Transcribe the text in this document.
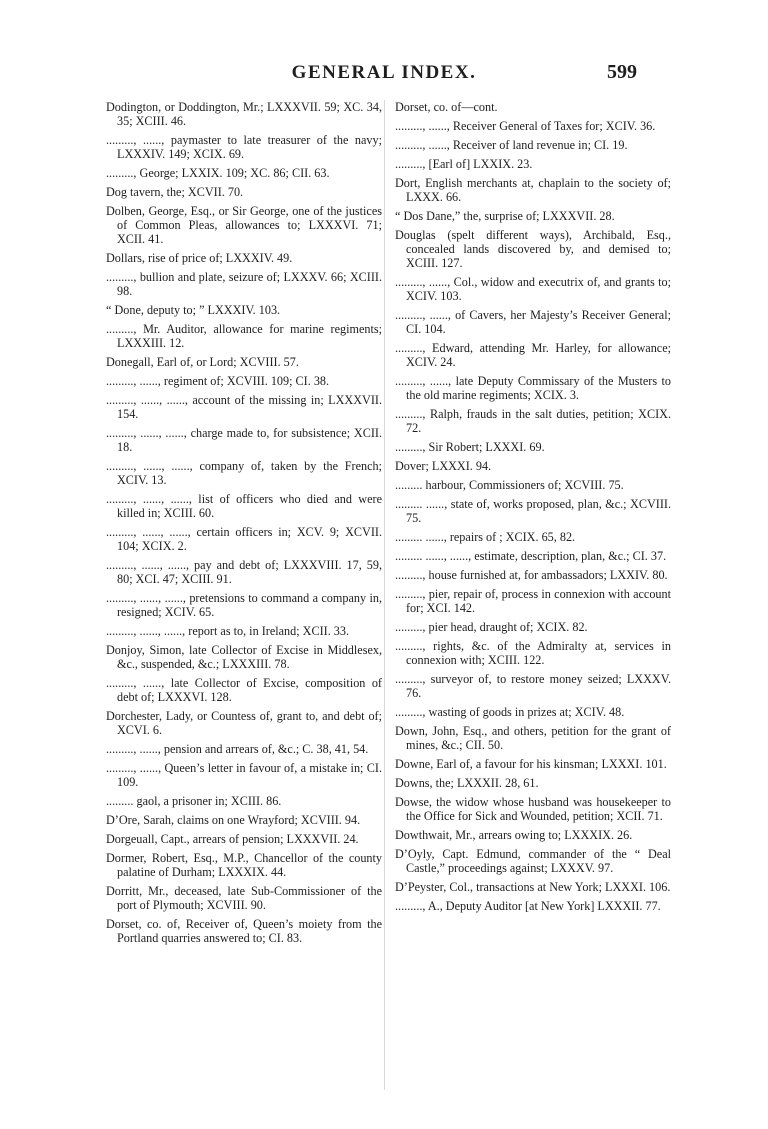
GENERAL INDEX.	599
Dodington, or Doddington, Mr.; LXXXVII. 59; XC. 34, 35; XCIII. 46.
........., ......, paymaster to late treasurer of the navy; LXXXIV. 149; XCIX. 69.
........., George; LXXIX. 109; XC. 86; CII. 63.
Dog tavern, the; XCVII. 70.
Dolben, George, Esq., or Sir George, one of the justices of Common Pleas, allowances to; LXXXVI. 71; XCII. 41.
Dollars, rise of price of; LXXXIV. 49.
........., bullion and plate, seizure of; LXXXV. 66; XCIII. 98.
“ Done, deputy to; ” LXXXIV. 103.
........., Mr. Auditor, allowance for marine regiments; LXXXIII. 12.
Donegall, Earl of, or Lord; XCVIII. 57.
........., ......, regiment of; XCVIII. 109; CI. 38.
........., ......, ......, account of the missing in; LXXXVII. 154.
........., ......, ......, charge made to, for subsistence; XCII. 18.
........., ......, ......, company of, taken by the French; XCIV. 13.
........., ......, ......, list of officers who died and were killed in; XCIII. 60.
........., ......, ......, certain officers in; XCV. 9; XCVII. 104; XCIX. 2.
........., ......, ......, pay and debt of; LXXXVIII. 17, 59, 80; XCI. 47; XCIII. 91.
........., ......, ......, pretensions to command a company in, resigned; XCIV. 65.
........., ......, ......, report as to, in Ireland; XCII. 33.
Donjoy, Simon, late Collector of Excise in Middlesex, &c., suspended, &c.; LXXXIII. 78.
........., ......, late Collector of Excise, composition of debt of; LXXXVI. 128.
Dorchester, Lady, or Countess of, grant to, and debt of; XCVI. 6.
........., ......, pension and arrears of, &c.; C. 38, 41, 54.
........., ......, Queen’s letter in favour of, a mistake in; CI. 109.
......... gaol, a prisoner in; XCIII. 86.
D’Ore, Sarah, claims on one Wrayford; XCVIII. 94.
Dorgeuall, Capt., arrears of pension; LXXXVII. 24.
Dormer, Robert, Esq., M.P., Chancellor of the county palatine of Durham; LXXXIX. 44.
Dorritt, Mr., deceased, late Sub-Commissioner of the port of Plymouth; XCVIII. 90.
Dorset, co. of, Receiver of, Queen’s moiety from the Portland quarries answered to; CI. 83.
Dorset, co. of—cont.
........., ......, Receiver General of Taxes for; XCIV. 36.
........., ......, Receiver of land revenue in; CI. 19.
........., [Earl of] LXXIX. 23.
Dort, English merchants at, chaplain to the society of; LXXX. 66.
“ Dos Dane,” the, surprise of; LXXXVII. 28.
Douglas (spelt different ways), Archibald, Esq., concealed lands discovered by, and demised to; XCIII. 127.
........., ......, Col., widow and executrix of, and grants to; XCIV. 103.
........., ......, of Cavers, her Majesty’s Receiver General; CI. 104.
........., Edward, attending Mr. Harley, for allowance; XCIV. 24.
........., ......, late Deputy Commissary of the Musters to the old marine regiments; XCIX. 3.
........., Ralph, frauds in the salt duties, petition; XCIX. 72.
........., Sir Robert; LXXXI. 69.
Dover; LXXXI. 94.
......... harbour, Commissioners of; XCVIII. 75.
......... ......, state of, works proposed, plan, &c.; XCVIII. 75.
......... ......, repairs of ; XCIX. 65, 82.
......... ......, ......, estimate, description, plan, &c.; CI. 37.
........., house furnished at, for ambassadors; LXXIV. 80.
........., pier, repair of, process in connexion with account for; XCI. 142.
........., pier head, draught of; XCIX. 82.
........., rights, &c. of the Admiralty at, services in connexion with; XCIII. 122.
........., surveyor of, to restore money seized; LXXXV. 76.
........., wasting of goods in prizes at; XCIV. 48.
Down, John, Esq., and others, petition for the grant of mines, &c.; CII. 50.
Downe, Earl of, a favour for his kinsman; LXXXI. 101.
Downs, the; LXXXII. 28, 61.
Dowse, the widow whose husband was housekeeper to the Office for Sick and Wounded, petition; XCII. 71.
Dowthwait, Mr., arrears owing to; LXXXIX. 26.
D’Oyly, Capt. Edmund, commander of the “ Deal Castle,” proceedings against; LXXXV. 97.
D’Peyster, Col., transactions at New York; LXXXI. 106.
........., A., Deputy Auditor [at New York] LXXXII. 77.
